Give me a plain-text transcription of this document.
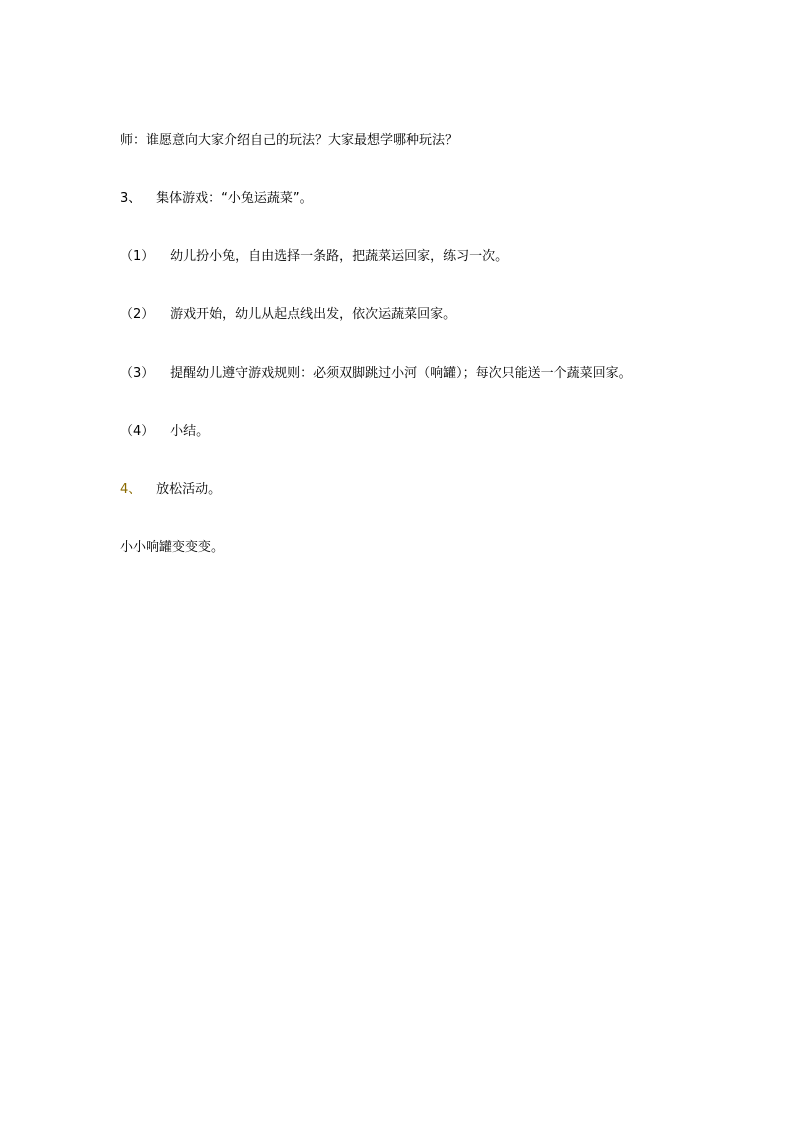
师：谁愿意向大家介绍自己的玩法？大家最想学哪种玩法？
3、 集体游戏：“小兔运蔬菜”。
（1） 幼儿扮小兔，自由选择一条路，把蔬菜运回家，练习一次。
（2） 游戏开始，幼儿从起点线出发，依次运蔬菜回家。
（3） 提醒幼儿遵守游戏规则：必须双脚跳过小河（响罐）；每次只能送一个蔬菜回家。
（4） 小结。
4、 放松活动。
小小响罐变变变。
